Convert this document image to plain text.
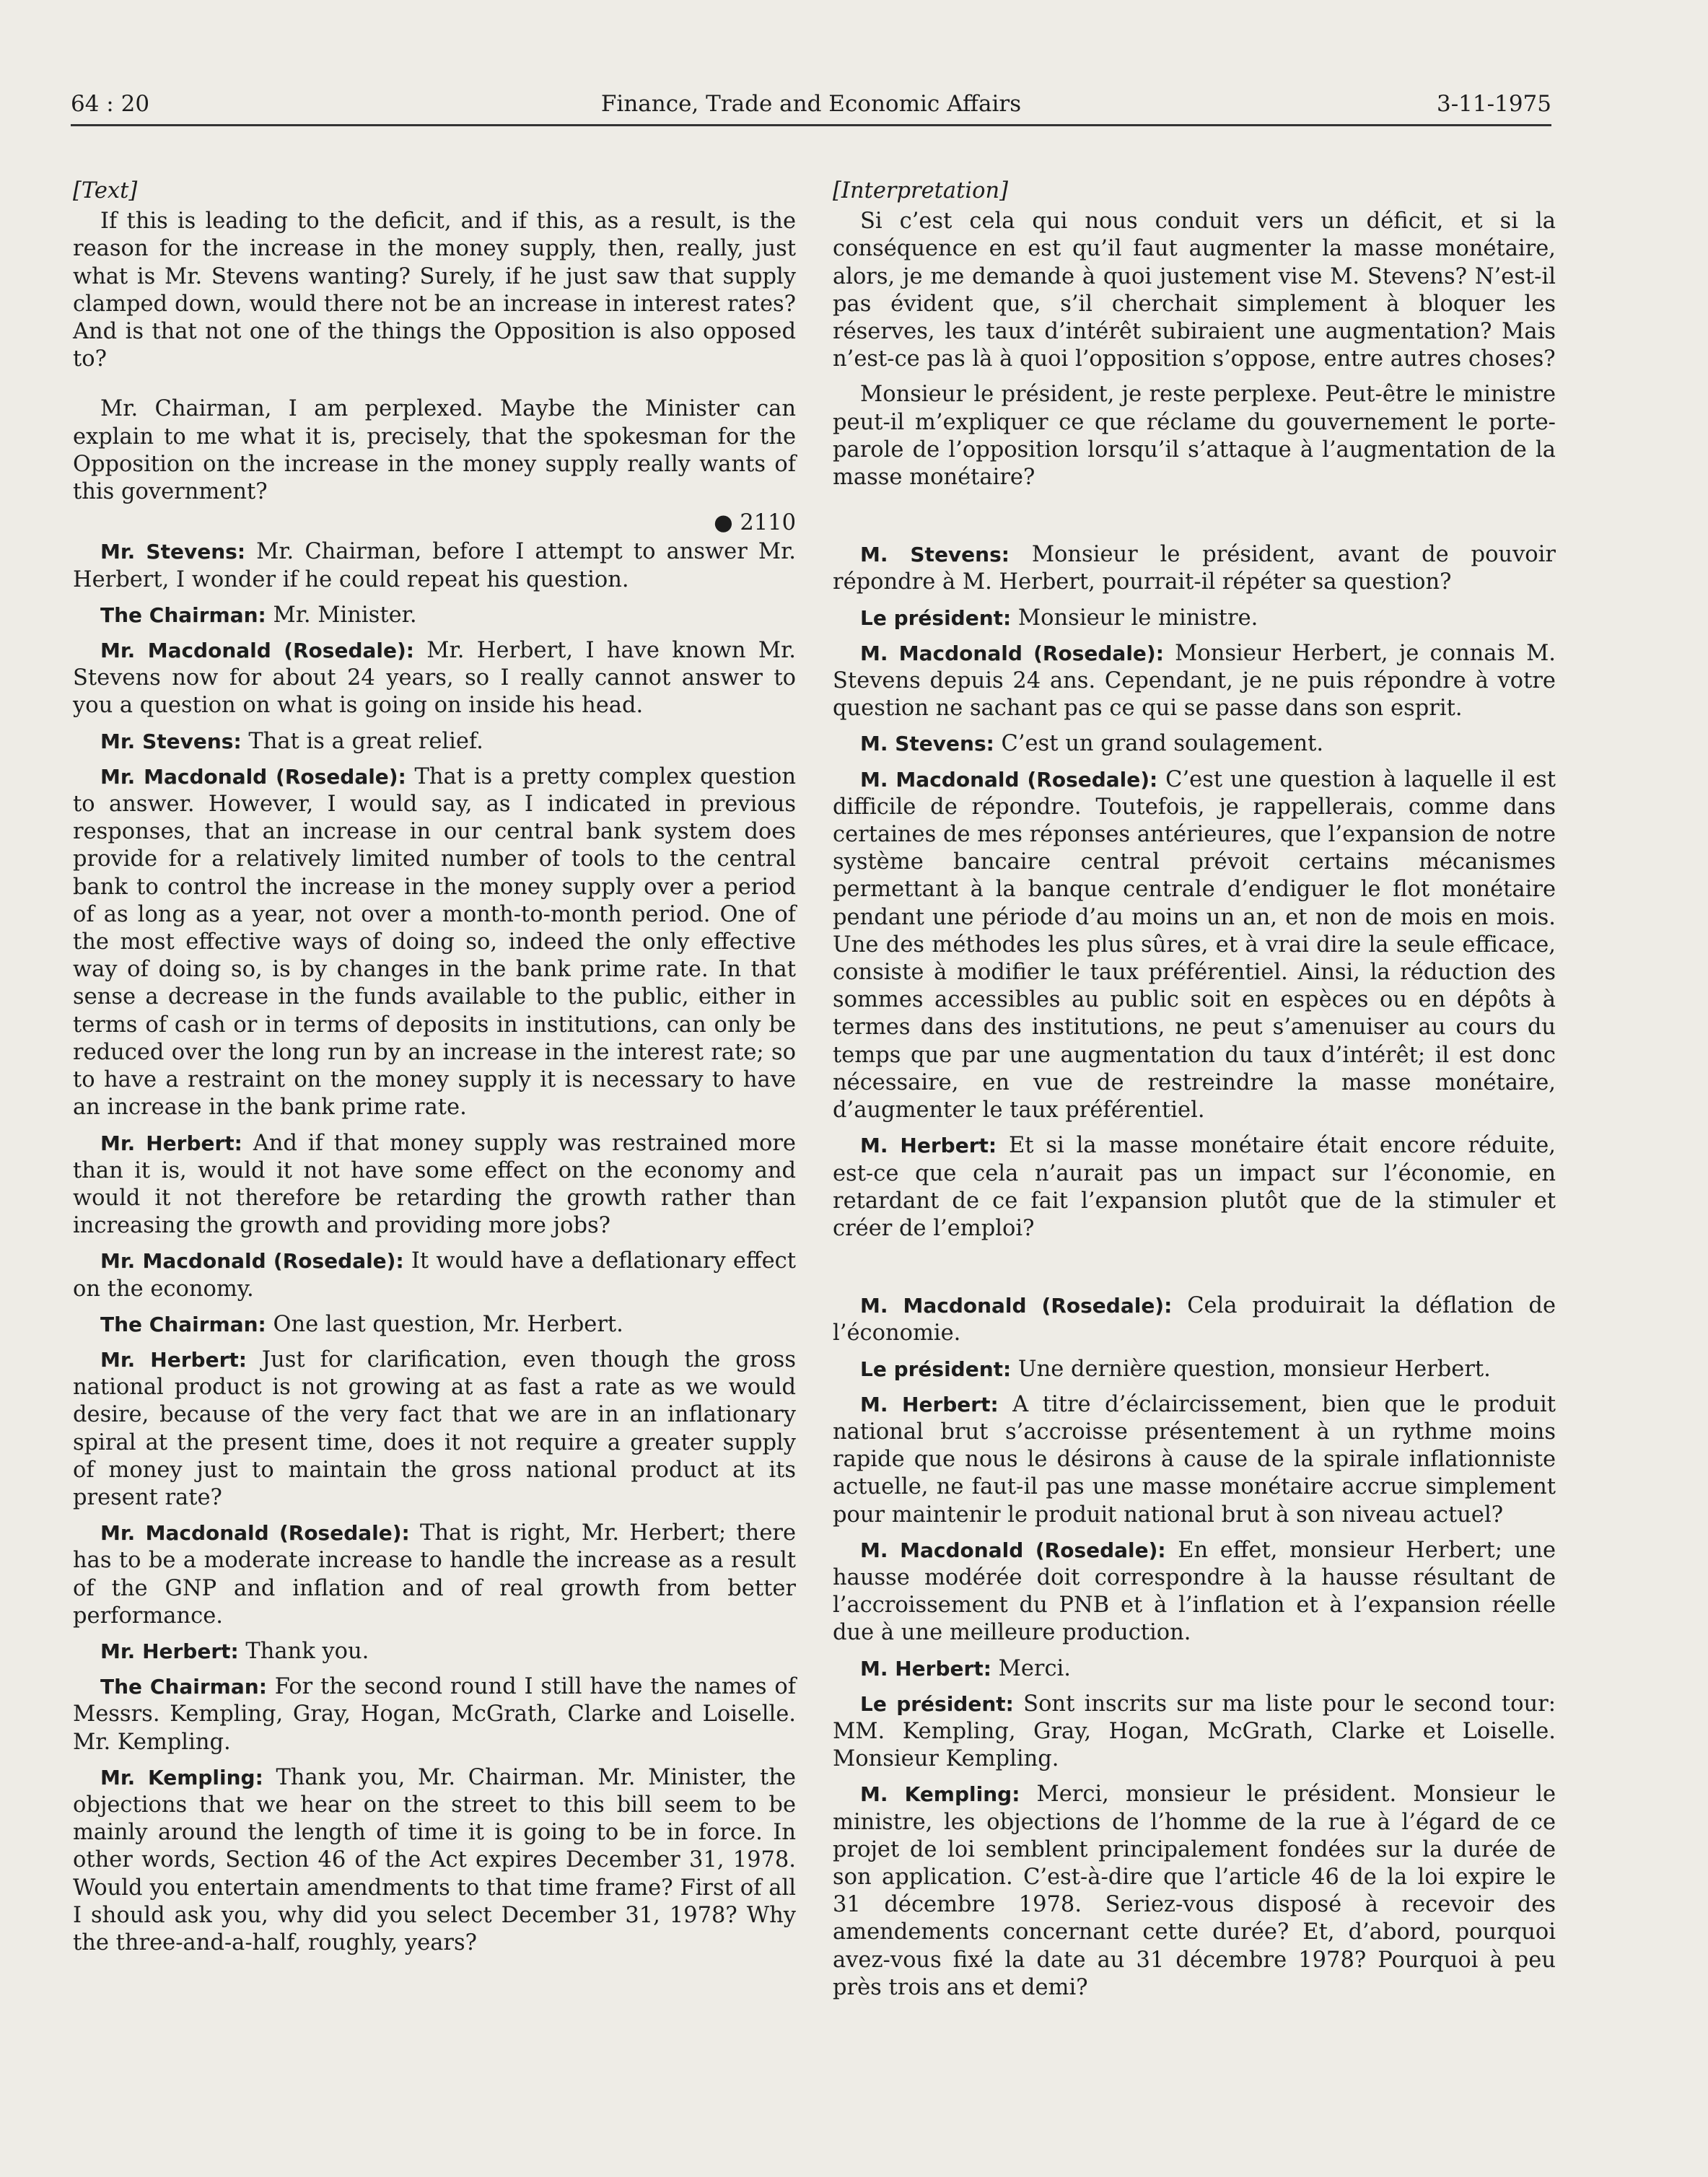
64 : 20	Finance, Trade and Economic Affairs	3-11-1975
[Text]

If this is leading to the deficit, and if this, as a result, is the reason for the increase in the money supply, then, really, just what is Mr. Stevens wanting? Surely, if he just saw that supply clamped down, would there not be an increase in interest rates? And is that not one of the things the Opposition is also opposed to?

Mr. Chairman, I am perplexed. Maybe the Minister can explain to me what it is, precisely, that the spokesman for the Opposition on the increase in the money supply really wants of this government?

● 2110

Mr. Stevens: Mr. Chairman, before I attempt to answer Mr. Herbert, I wonder if he could repeat his question.

The Chairman: Mr. Minister.

Mr. Macdonald (Rosedale): Mr. Herbert, I have known Mr. Stevens now for about 24 years, so I really cannot answer to you a question on what is going on inside his head.

Mr. Stevens: That is a great relief.

Mr. Macdonald (Rosedale): That is a pretty complex question to answer. However, I would say, as I indicated in previous responses, that an increase in our central bank system does provide for a relatively limited number of tools to the central bank to control the increase in the money supply over a period of as long as a year, not over a month-to-month period. One of the most effective ways of doing so, indeed the only effective way of doing so, is by changes in the bank prime rate. In that sense a decrease in the funds available to the public, either in terms of cash or in terms of deposits in institutions, can only be reduced over the long run by an increase in the interest rate; so to have a restraint on the money supply it is necessary to have an increase in the bank prime rate.

Mr. Herbert: And if that money supply was restrained more than it is, would it not have some effect on the economy and would it not therefore be retarding the growth rather than increasing the growth and providing more jobs?

Mr. Macdonald (Rosedale): It would have a deflationary effect on the economy.

The Chairman: One last question, Mr. Herbert.

Mr. Herbert: Just for clarification, even though the gross national product is not growing at as fast a rate as we would desire, because of the very fact that we are in an inflationary spiral at the present time, does it not require a greater supply of money just to maintain the gross national product at its present rate?

Mr. Macdonald (Rosedale): That is right, Mr. Herbert; there has to be a moderate increase to handle the increase as a result of the GNP and inflation and of real growth from better performance.

Mr. Herbert: Thank you.

The Chairman: For the second round I still have the names of Messrs. Kempling, Gray, Hogan, McGrath, Clarke and Loiselle. Mr. Kempling.

Mr. Kempling: Thank you, Mr. Chairman. Mr. Minister, the objections that we hear on the street to this bill seem to be mainly around the length of time it is going to be in force. In other words, Section 46 of the Act expires December 31, 1978. Would you entertain amendments to that time frame? First of all I should ask you, why did you select December 31, 1978? Why the three-and-a-half, roughly, years?

[Interpretation]

Si c’est cela qui nous conduit vers un déficit, et si la conséquence en est qu’il faut augmenter la masse monétaire, alors, je me demande à quoi justement vise M. Stevens? N’est-il pas évident que, s’il cherchait simplement à bloquer les réserves, les taux d’intérêt subiraient une augmentation? Mais n’est-ce pas là à quoi l’opposition s’oppose, entre autres choses?

Monsieur le président, je reste perplexe. Peut-être le ministre peut-il m’expliquer ce que réclame du gouvernement le porte-parole de l’opposition lorsqu’il s’attaque à l’augmentation de la masse monétaire?

M. Stevens: Monsieur le président, avant de pouvoir répondre à M. Herbert, pourrait-il répéter sa question?

Le président: Monsieur le ministre.

M. Macdonald (Rosedale): Monsieur Herbert, je connais M. Stevens depuis 24 ans. Cependant, je ne puis répondre à votre question ne sachant pas ce qui se passe dans son esprit.

M. Stevens: C’est un grand soulagement.

M. Macdonald (Rosedale): C’est une question à laquelle il est difficile de répondre. Toutefois, je rappellerais, comme dans certaines de mes réponses antérieures, que l’expansion de notre système bancaire central prévoit certains mécanismes permettant à la banque centrale d’endiguer le flot monétaire pendant une période d’au moins un an, et non de mois en mois. Une des méthodes les plus sûres, et à vrai dire la seule efficace, consiste à modifier le taux préférentiel. Ainsi, la réduction des sommes accessibles au public soit en espèces ou en dépôts à termes dans des institutions, ne peut s’amenuiser au cours du temps que par une augmentation du taux d’intérêt; il est donc nécessaire, en vue de restreindre la masse monétaire, d’augmenter le taux préférentiel.

M. Herbert: Et si la masse monétaire était encore réduite, est-ce que cela n’aurait pas un impact sur l’économie, en retardant de ce fait l’expansion plutôt que de la stimuler et créer de l’emploi?

M. Macdonald (Rosedale): Cela produirait la déflation de l’économie.

Le président: Une dernière question, monsieur Herbert.

M. Herbert: A titre d’éclaircissement, bien que le produit national brut s’accroisse présentement à un rythme moins rapide que nous le désirons à cause de la spirale inflationniste actuelle, ne faut-il pas une masse monétaire accrue simplement pour maintenir le produit national brut à son niveau actuel?

M. Macdonald (Rosedale): En effet, monsieur Herbert; une hausse modérée doit correspondre à la hausse résultant de l’accroissement du PNB et à l’inflation et à l’expansion réelle due à une meilleure production.

M. Herbert: Merci.

Le président: Sont inscrits sur ma liste pour le second tour: MM. Kempling, Gray, Hogan, McGrath, Clarke et Loiselle. Monsieur Kempling.

M. Kempling: Merci, monsieur le président. Monsieur le ministre, les objections de l’homme de la rue à l’égard de ce projet de loi semblent principalement fondées sur la durée de son application. C’est-à-dire que l’article 46 de la loi expire le 31 décembre 1978. Seriez-vous disposé à recevoir des amendements concernant cette durée? Et, d’abord, pourquoi avez-vous fixé la date au 31 décembre 1978? Pourquoi à peu près trois ans et demi?
